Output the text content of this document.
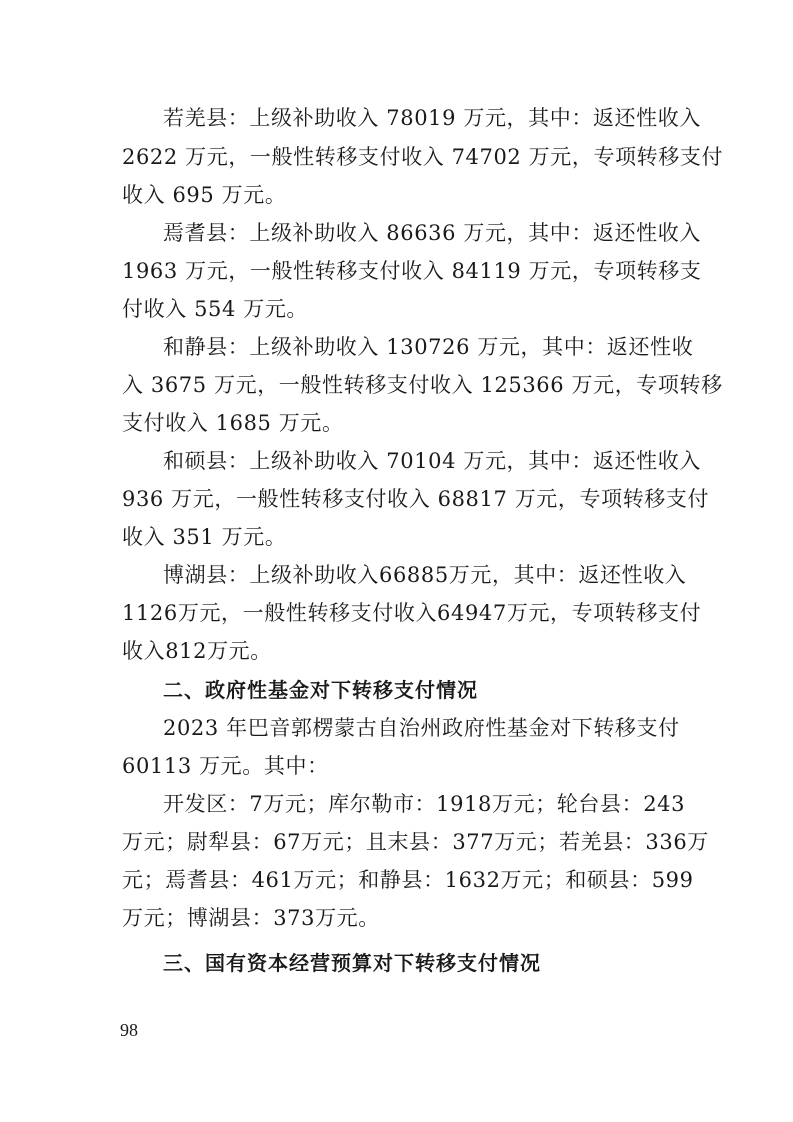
若羌县：上级补助收入 78019 万元，其中：返还性收入
2622 万元，一般性转移支付收入 74702 万元，专项转移支付
收入 695 万元。
焉耆县：上级补助收入 86636 万元，其中：返还性收入
1963 万元，一般性转移支付收入 84119 万元，专项转移支
付收入 554 万元。
和静县：上级补助收入 130726 万元，其中：返还性收
入 3675 万元，一般性转移支付收入 125366 万元，专项转移
支付收入 1685 万元。
和硕县：上级补助收入 70104 万元，其中：返还性收入
936 万元，一般性转移支付收入 68817 万元，专项转移支付
收入 351 万元。
博湖县：上级补助收入66885万元，其中：返还性收入
1126万元，一般性转移支付收入64947万元，专项转移支付
收入812万元。
二、政府性基金对下转移支付情况
2023 年巴音郭楞蒙古自治州政府性基金对下转移支付
60113 万元。其中：
开发区：7万元；库尔勒市：1918万元；轮台县：243
万元；尉犁县：67万元；且末县：377万元；若羌县：336万
元；焉耆县：461万元；和静县：1632万元；和硕县：599
万元；博湖县：373万元。
三、国有资本经营预算对下转移支付情况
98
